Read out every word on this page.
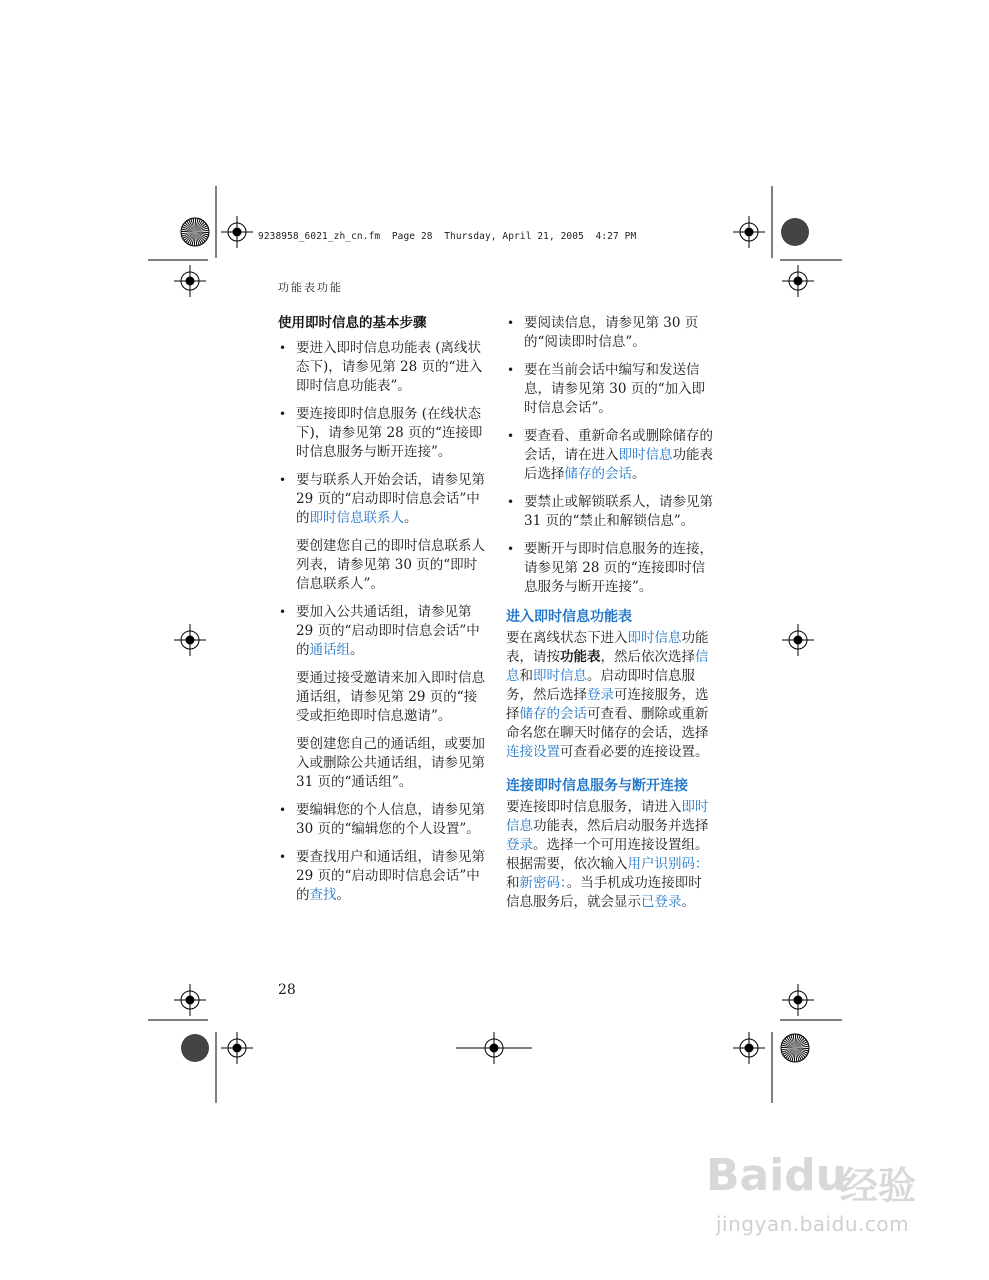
9238958_6021_zh_cn.fm  Page 28  Thursday, April 21, 2005  4:27 PM
功能表功能
使用即时信息的基本步骤
• 要进入即时信息功能表 (离线状态下)，请参见第 28 页的“进入即时信息功能表”。
• 要连接即时信息服务 (在线状态下)，请参见第 28 页的“连接即时信息服务与断开连接”。
• 要与联系人开始会话，请参见第 29 页的“启动即时信息会话”中的即时信息联系人。
要创建您自己的即时信息联系人列表，请参见第 30 页的“即时信息联系人”。
• 要加入公共通话组，请参见第 29 页的“启动即时信息会话”中的通话组。
要通过接受邀请来加入即时信息通话组，请参见第 29 页的“接受或拒绝即时信息邀请”。
要创建您自己的通话组，或要加入或删除公共通话组，请参见第 31 页的“通话组”。
• 要编辑您的个人信息，请参见第 30 页的“编辑您的个人设置”。
• 要查找用户和通话组，请参见第 29 页的“启动即时信息会话”中的查找。
• 要阅读信息，请参见第 30 页的“阅读即时信息”。
• 要在当前会话中编写和发送信息，请参见第 30 页的“加入即时信息会话”。
• 要查看、重新命名或删除储存的会话，请在进入即时信息功能表后选择储存的会话。
• 要禁止或解锁联系人，请参见第 31 页的“禁止和解锁信息”。
• 要断开与即时信息服务的连接，请参见第 28 页的“连接即时信息服务与断开连接”。
进入即时信息功能表
要在离线状态下进入即时信息功能表，请按功能表，然后依次选择信息和即时信息。启动即时信息服务，然后选择登录可连接服务，选择储存的会话可查看、删除或重新命名您在聊天时储存的会话，选择连接设置可查看必要的连接设置。
连接即时信息服务与断开连接
要连接即时信息服务，请进入即时信息功能表，然后启动服务并选择登录。选择一个可用连接设置组。根据需要，依次输入用户识别码：和新密码：。当手机成功连接即时信息服务后，就会显示已登录。
28
Baidu
经验
jingyan.baidu.com
